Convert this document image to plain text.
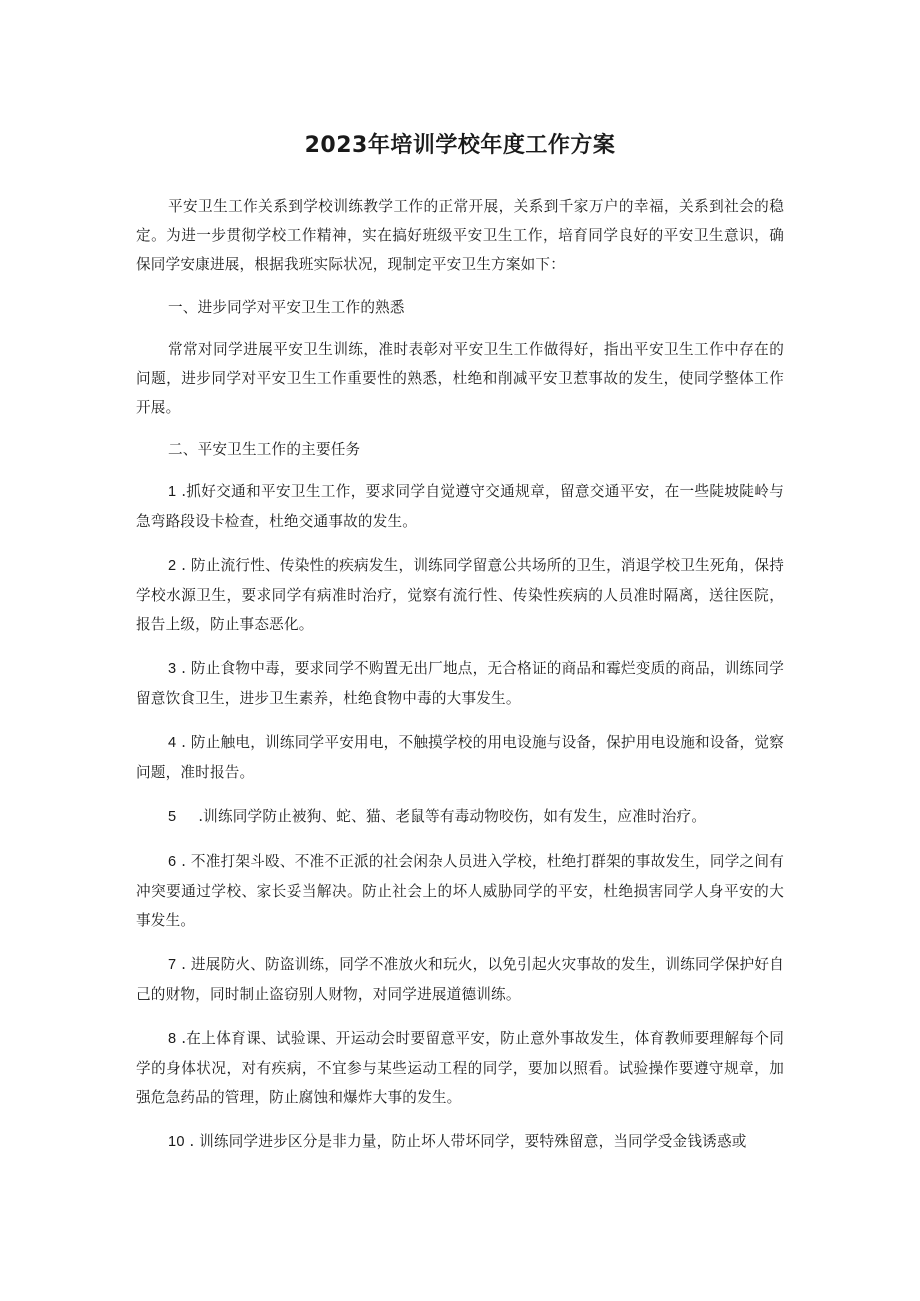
2023年培训学校年度工作方案

平安卫生工作关系到学校训练教学工作的正常开展，关系到千家万户的幸福，关系到社会的稳定。为进一步贯彻学校工作精神，实在搞好班级平安卫生工作，培育同学良好的平安卫生意识，确保同学安康进展，根据我班实际状况，现制定平安卫生方案如下：

一、进步同学对平安卫生工作的熟悉

常常对同学进展平安卫生训练，准时表彰对平安卫生工作做得好，指出平安卫生工作中存在的问题，进步同学对平安卫生工作重要性的熟悉，杜绝和削减平安卫惹事故的发生，使同学整体工作开展。

二、平安卫生工作的主要任务

1 .抓好交通和平安卫生工作，要求同学自觉遵守交通规章，留意交通平安，在一些陡坡陡岭与急弯路段设卡检查，杜绝交通事故的发生。

2 . 防止流行性、传染性的疾病发生，训练同学留意公共场所的卫生，消退学校卫生死角，保持学校水源卫生，要求同学有病准时治疗，觉察有流行性、传染性疾病的人员准时隔离，送往医院，报告上级，防止事态恶化。

3 . 防止食物中毒，要求同学不购置无出厂地点，无合格证的商品和霉烂变质的商品，训练同学留意饮食卫生，进步卫生素养，杜绝食物中毒的大事发生。

4 . 防止触电，训练同学平安用电，不触摸学校的用电设施与设备，保护用电设施和设备，觉察问题，准时报告。

5 .训练同学防止被狗、蛇、猫、老鼠等有毒动物咬伤，如有发生，应准时治疗。

6 . 不准打架斗殴、不准不正派的社会闲杂人员进入学校，杜绝打群架的事故发生，同学之间有冲突要通过学校、家长妥当解决。防止社会上的坏人威胁同学的平安，杜绝损害同学人身平安的大事发生。

7 . 进展防火、防盗训练，同学不准放火和玩火，以免引起火灾事故的发生，训练同学保护好自己的财物，同时制止盗窃别人财物，对同学进展道德训练。

8 .在上体育课、试验课、开运动会时要留意平安，防止意外事故发生，体育教师要理解每个同学的身体状况，对有疾病，不宜参与某些运动工程的同学，要加以照看。试验操作要遵守规章，加强危急药品的管理，防止腐蚀和爆炸大事的发生。

10 . 训练同学进步区分是非力量，防止坏人带坏同学，要特殊留意，当同学受金钱诱惑或
